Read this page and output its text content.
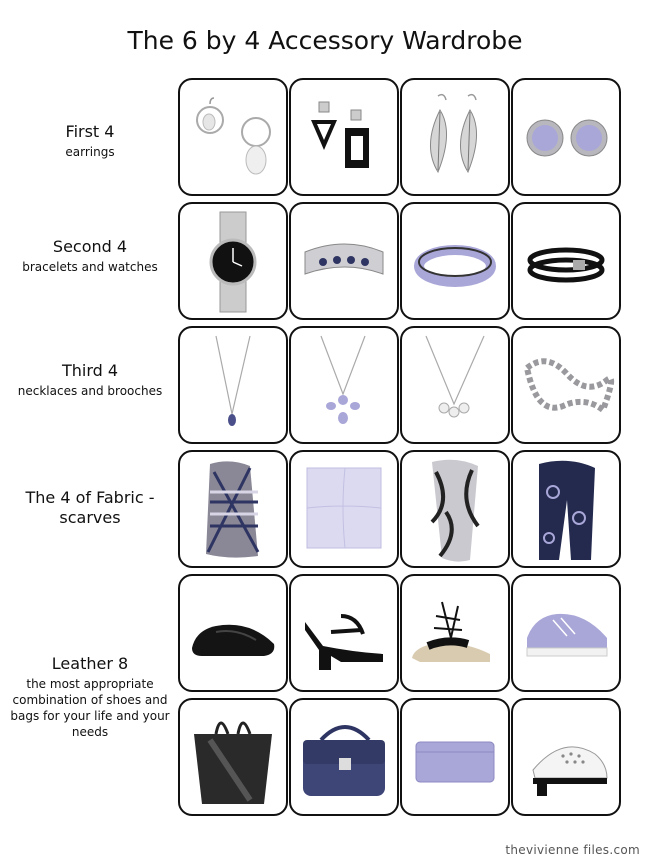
The 6 by 4 Accessory Wardrobe
First 4
earrings
Second 4
bracelets and watches
Third 4
necklaces and brooches
The 4 of Fabric - scarves
Leather 8
the most appropriate combination of shoes and bags for your life and your needs
thevivienne files.com
